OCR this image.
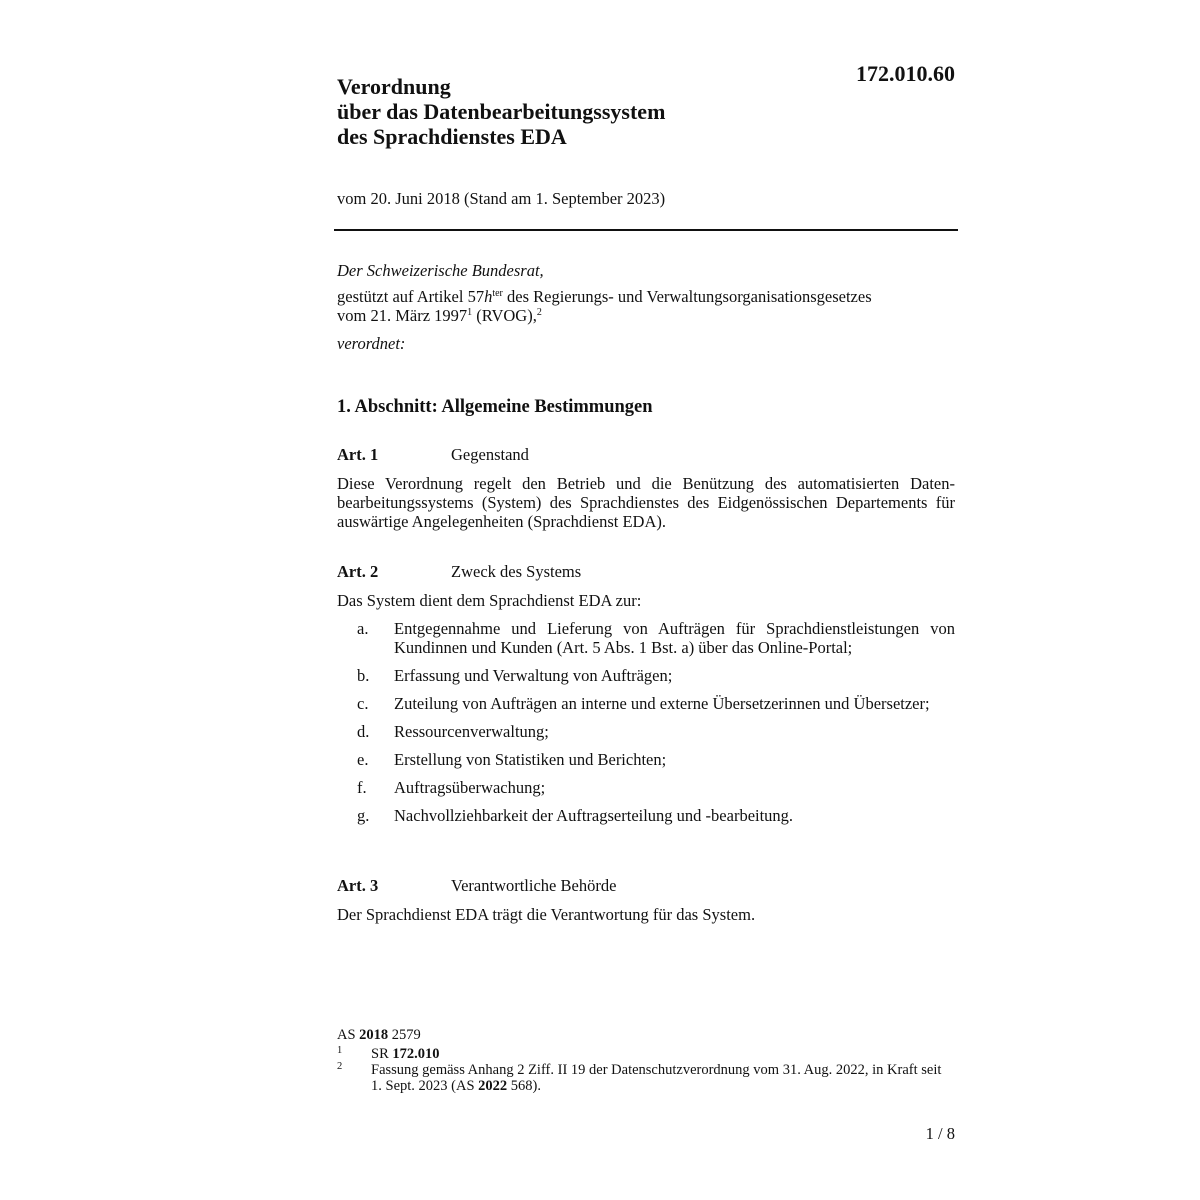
172.010.60
Verordnung
über das Datenbearbeitungssystem
des Sprachdienstes EDA
vom 20. Juni 2018 (Stand am 1. September 2023)
Der Schweizerische Bundesrat,
gestützt auf Artikel $57h^{ter}$ des Regierungs- und Verwaltungsorganisationsgesetzes
vom 21. März 1997$^1$ (RVOG),$^2$
verordnet:
1. Abschnitt: Allgemeine Bestimmungen
Art. 1	Gegenstand
Diese Verordnung regelt den Betrieb und die Benützung des automatisierten Datenbearbeitungssystems (System) des Sprachdienstes des Eidgenössischen Departements für auswärtige Angelegenheiten (Sprachdienst EDA).
Art. 2	Zweck des Systems
Das System dient dem Sprachdienst EDA zur:
a. Entgegennahme und Lieferung von Aufträgen für Sprachdienstleistungen von Kundinnen und Kunden (Art. 5 Abs. 1 Bst. a) über das Online-Portal;
b. Erfassung und Verwaltung von Aufträgen;
c. Zuteilung von Aufträgen an interne und externe Übersetzerinnen und Übersetzer;
d. Ressourcenverwaltung;
e. Erstellung von Statistiken und Berichten;
f. Auftragsüberwachung;
g. Nachvollziehbarkeit der Auftragserteilung und -bearbeitung.
Art. 3	Verantwortliche Behörde
Der Sprachdienst EDA trägt die Verantwortung für das System.
AS 2018 2579
1 SR 172.010
2 Fassung gemäss Anhang 2 Ziff. II 19 der Datenschutzverordnung vom 31. Aug. 2022, in Kraft seit 1. Sept. 2023 (AS 2022 568).
1 / 8
